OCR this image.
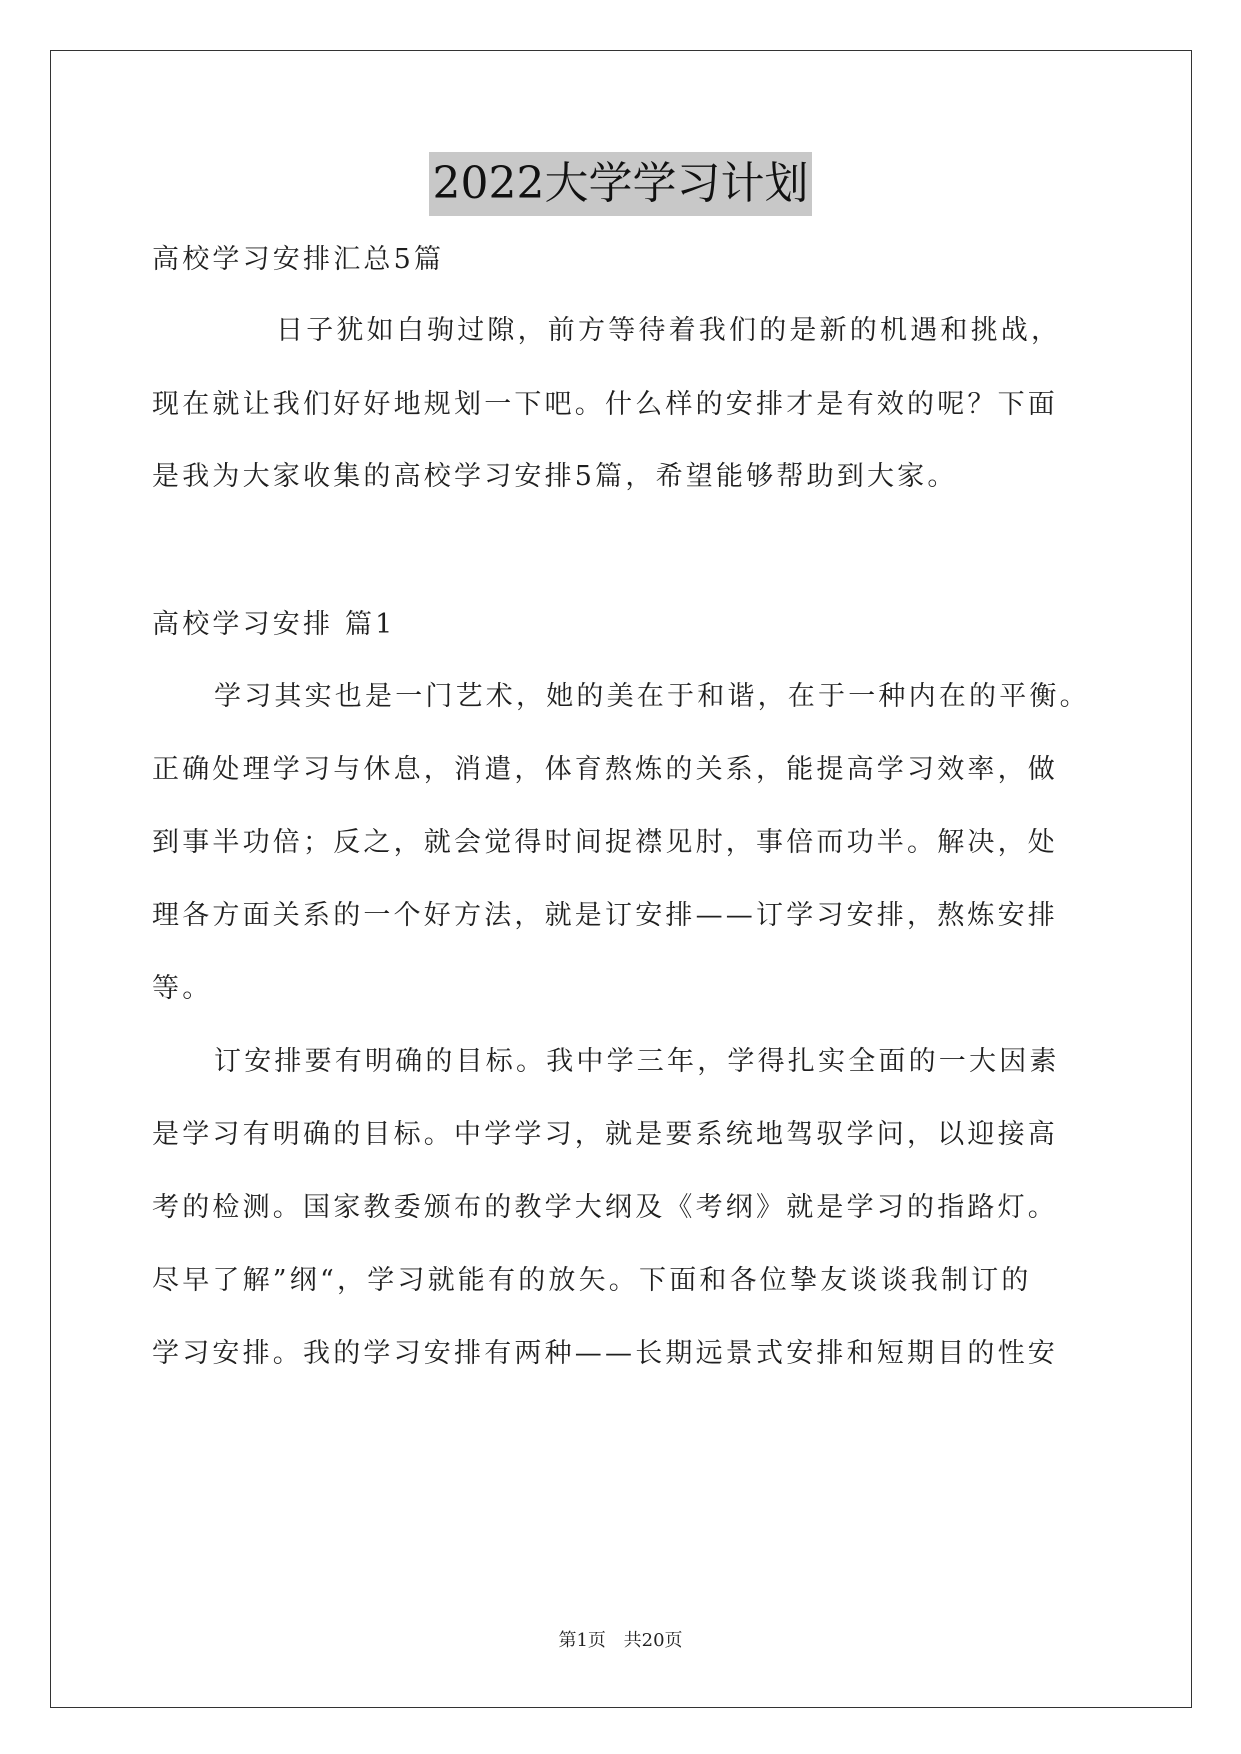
2022大学学习计划
高校学习安排汇总5篇
日子犹如白驹过隙，前方等待着我们的是新的机遇和挑战，
现在就让我们好好地规划一下吧。什么样的安排才是有效的呢？下面
是我为大家收集的高校学习安排5篇，希望能够帮助到大家。
高校学习安排 篇1
学习其实也是一门艺术，她的美在于和谐，在于一种内在的平衡。
正确处理学习与休息，消遣，体育熬炼的关系，能提高学习效率，做
到事半功倍；反之，就会觉得时间捉襟见肘，事倍而功半。解决，处
理各方面关系的一个好方法，就是订安排——订学习安排，熬炼安排
等。
订安排要有明确的目标。我中学三年，学得扎实全面的一大因素
是学习有明确的目标。中学学习，就是要系统地驾驭学问，以迎接高
考的检测。国家教委颁布的教学大纲及《考纲》就是学习的指路灯。
尽早了解”纲“，学习就能有的放矢。下面和各位挚友谈谈我制订的
学习安排。我的学习安排有两种——长期远景式安排和短期目的性安
第1页 共20页
